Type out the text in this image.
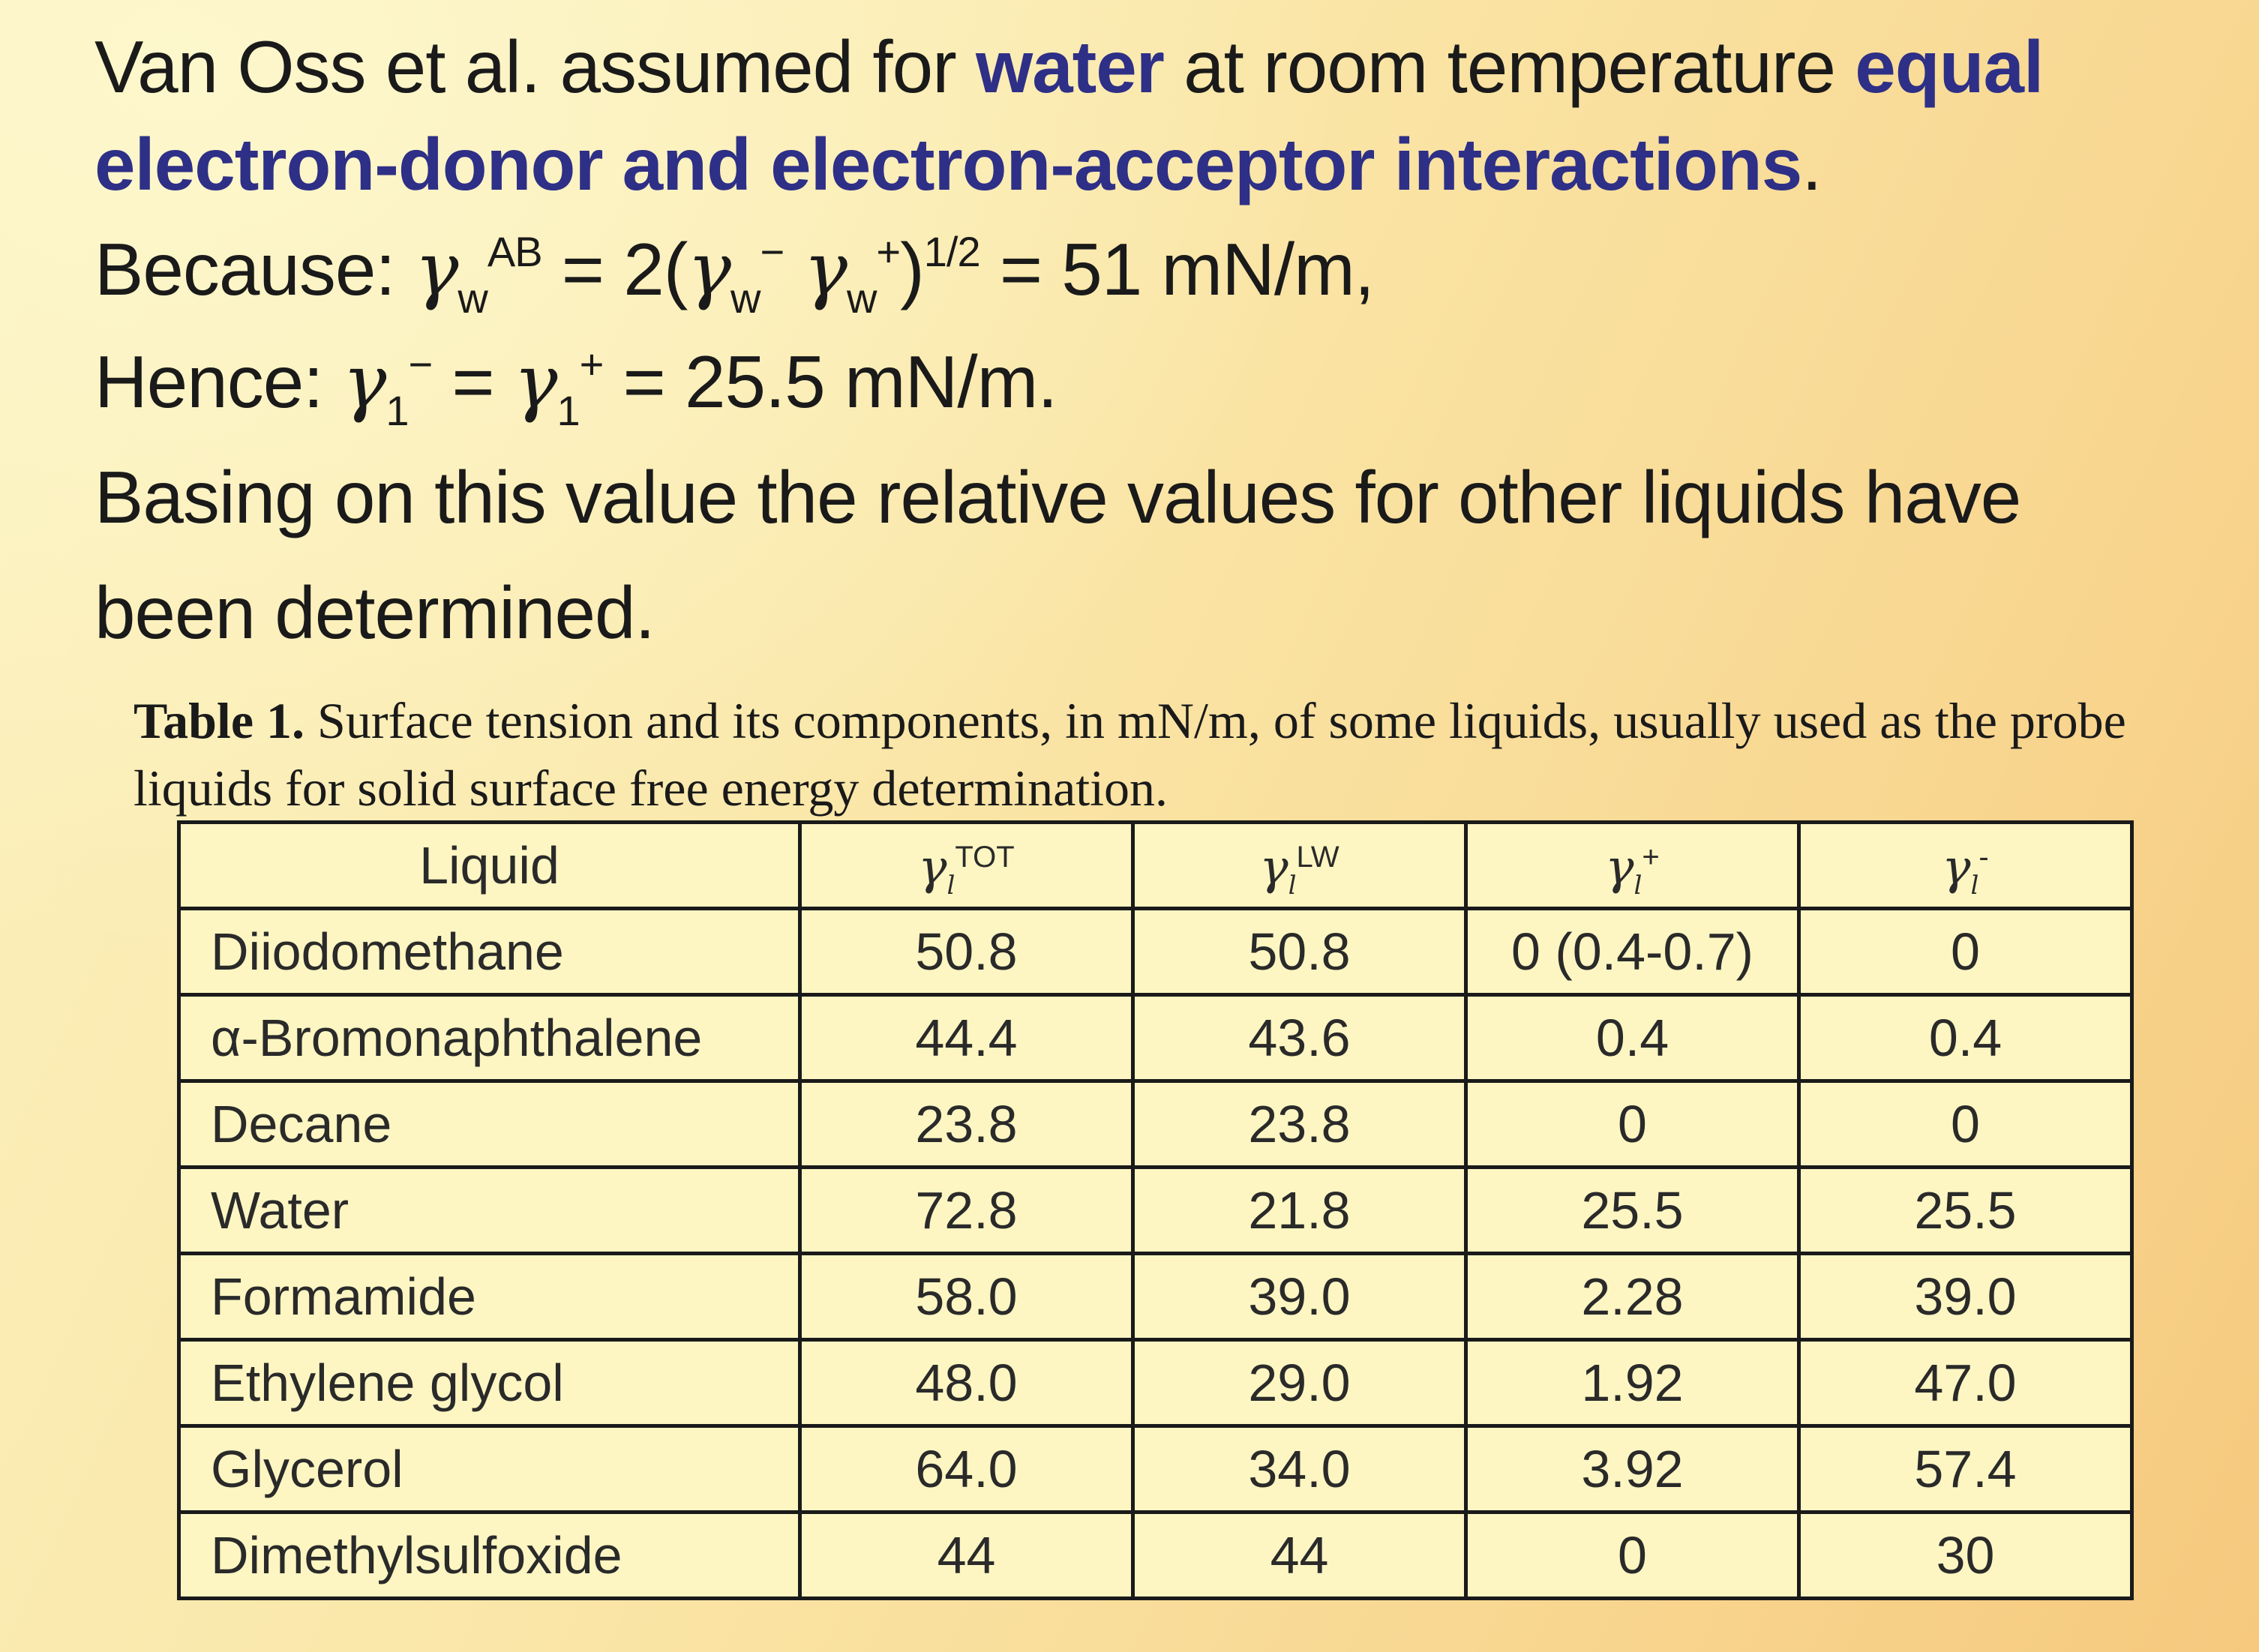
Van Oss et al. assumed for water at room temperature equal
electron-donor and electron-acceptor interactions.
Because: $\gamma_w^{AB} = 2(\gamma_w^-$ $\gamma_w^+)^{1/2} = 51$ mN/m,
Hence: $\gamma_1^- = \gamma_1^+ = 25.5$ mN/m.
Basing on this value the relative values for other liquids have
been determined.
Table 1. Surface tension and its components, in mN/m, of some liquids, usually used as the probe liquids for solid surface free energy determination.
Liquid	$\gamma_l^{TOT}$	$\gamma_l^{LW}$	$\gamma_l^+$	$\gamma_l^-$
Diiodomethane	50.8	50.8	0 (0.4-0.7)	0
α-Bromonaphthalene	44.4	43.6	0.4	0.4
Decane	23.8	23.8	0	0
Water	72.8	21.8	25.5	25.5
Formamide	58.0	39.0	2.28	39.0
Ethylene glycol	48.0	29.0	1.92	47.0
Glycerol	64.0	34.0	3.92	57.4
Dimethylsulfoxide	44	44	0	30
